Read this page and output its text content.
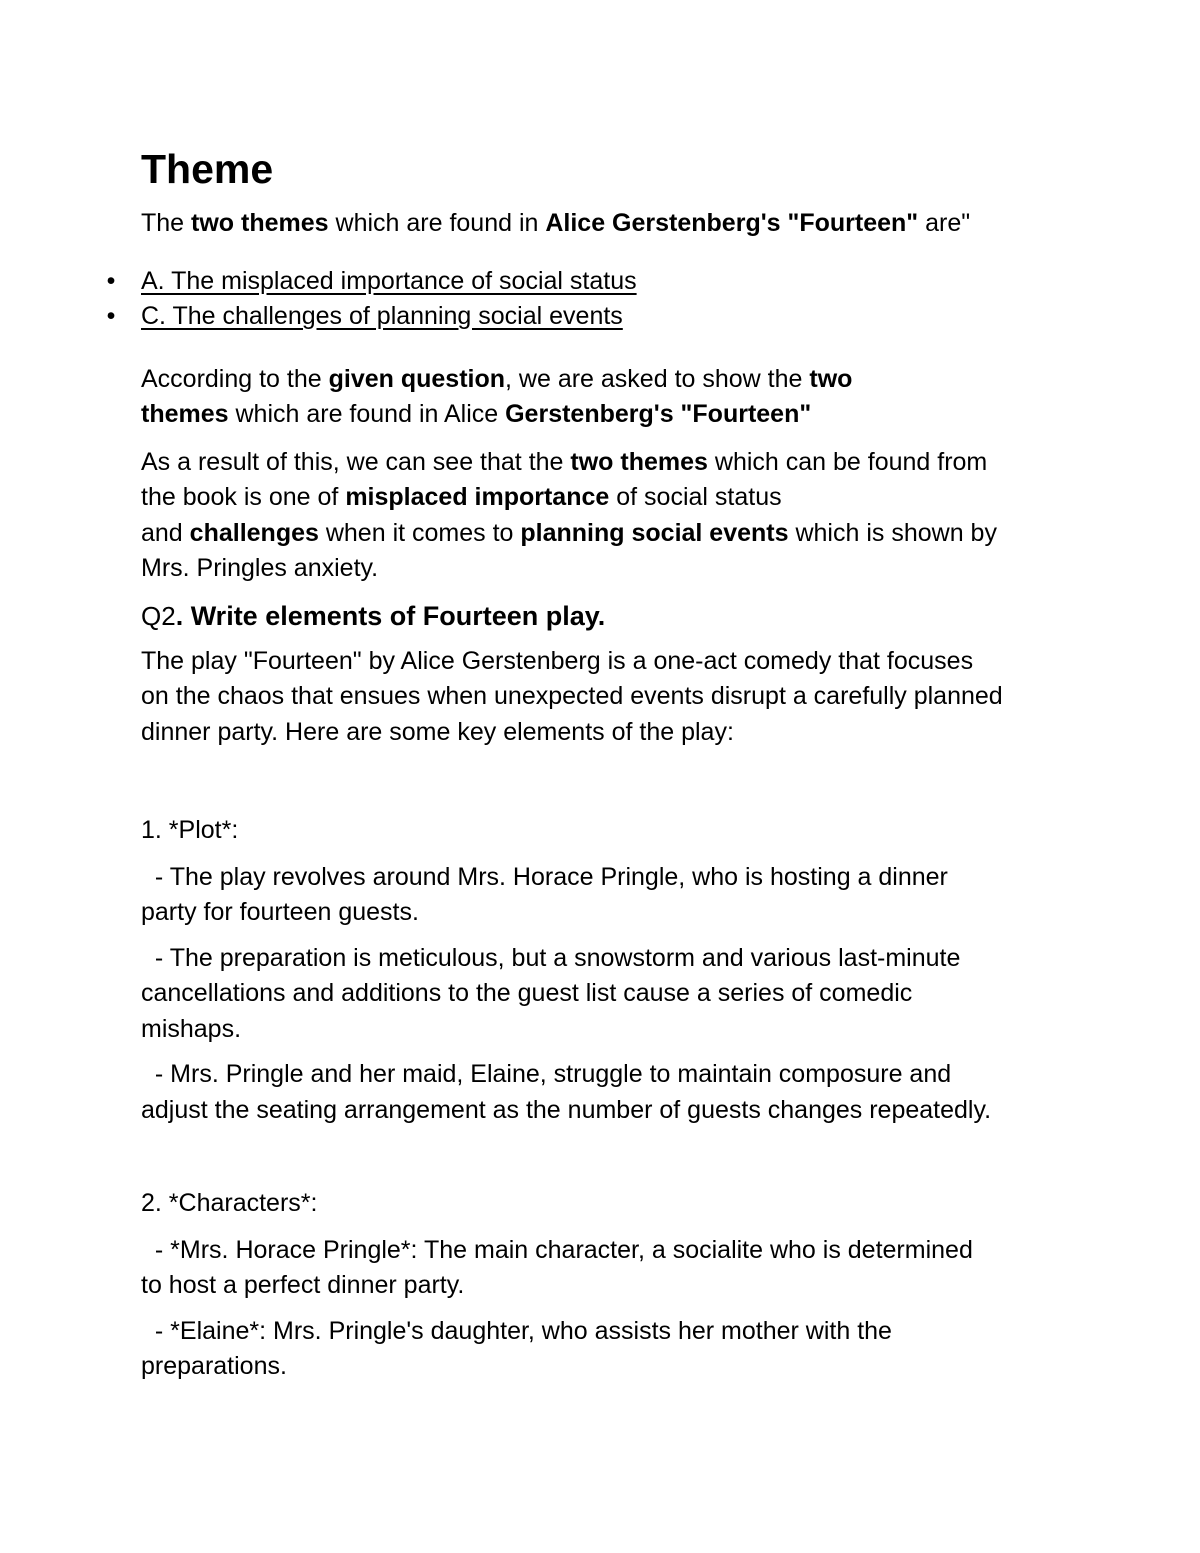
Theme

The two themes which are found in Alice Gerstenberg's "Fourteen" are"

• A. The misplaced importance of social status
• C. The challenges of planning social events

According to the given question, we are asked to show the two
themes which are found in Alice Gerstenberg's "Fourteen"

As a result of this, we can see that the two themes which can be found from
the book is one of misplaced importance of social status
and challenges when it comes to planning social events which is shown by
Mrs. Pringles anxiety.

Q2. Write elements of Fourteen play.

The play "Fourteen" by Alice Gerstenberg is a one-act comedy that focuses
on the chaos that ensues when unexpected events disrupt a carefully planned
dinner party. Here are some key elements of the play:

1. *Plot*:

- The play revolves around Mrs. Horace Pringle, who is hosting a dinner
party for fourteen guests.

- The preparation is meticulous, but a snowstorm and various last-minute
cancellations and additions to the guest list cause a series of comedic
mishaps.

- Mrs. Pringle and her maid, Elaine, struggle to maintain composure and
adjust the seating arrangement as the number of guests changes repeatedly.

2. *Characters*:

- *Mrs. Horace Pringle*: The main character, a socialite who is determined
to host a perfect dinner party.

- *Elaine*: Mrs. Pringle's daughter, who assists her mother with the
preparations.
